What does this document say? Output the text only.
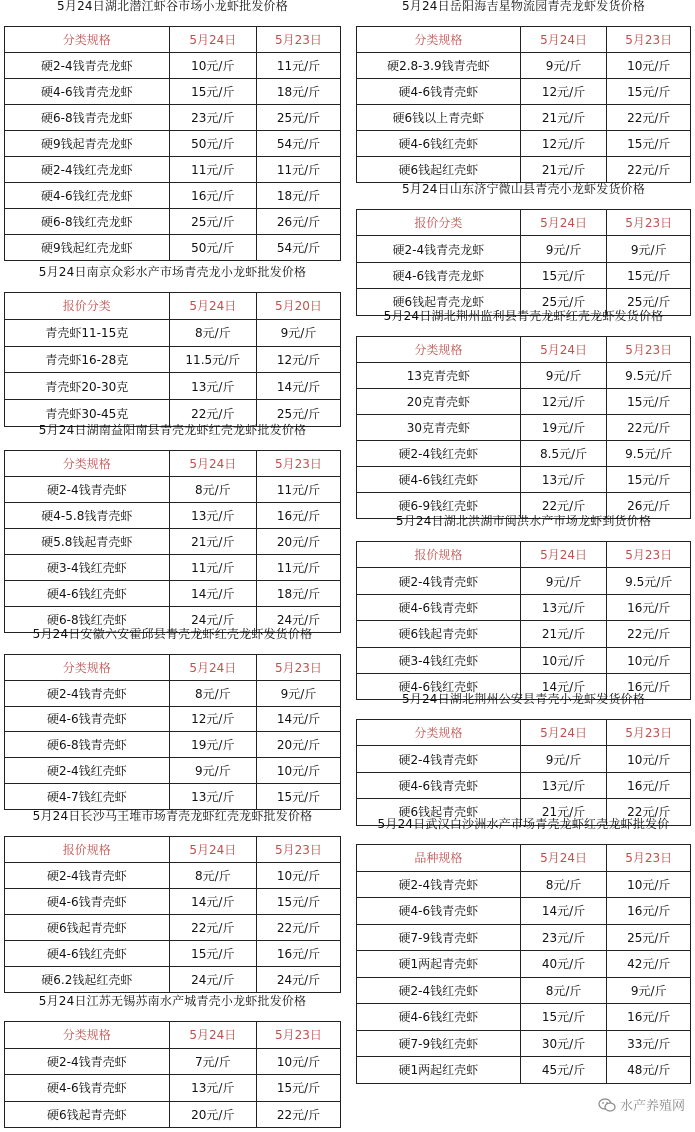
5月24日湖北潜江虾谷市场小龙虾批发价格
分类规格	5月24日	5月23日
硬2-4钱青壳龙虾	10元/斤	11元/斤
硬4-6钱青壳龙虾	15元/斤	18元/斤
硬6-8钱青壳龙虾	23元/斤	25元/斤
硬9钱起青壳龙虾	50元/斤	54元/斤
硬2-4钱红壳龙虾	11元/斤	11元/斤
硬4-6钱红壳龙虾	16元/斤	18元/斤
硬6-8钱红壳龙虾	25元/斤	26元/斤
硬9钱起红壳龙虾	50元/斤	54元/斤
5月24日南京众彩水产市场青壳龙小龙虾批发价格
报价分类	5月24日	5月20日
青壳虾11-15克	8元/斤	9元/斤
青壳虾16-28克	11.5元/斤	12元/斤
青壳虾20-30克	13元/斤	14元/斤
青壳虾30-45克	22元/斤	25元/斤
5月24日湖南益阳南县青壳龙虾红壳龙虾批发价格
分类规格	5月24日	5月23日
硬2-4钱青壳虾	8元/斤	11元/斤
硬4-5.8钱青壳虾	13元/斤	16元/斤
硬5.8钱起青壳虾	21元/斤	20元/斤
硬3-4钱红壳虾	11元/斤	11元/斤
硬4-6钱红壳虾	14元/斤	18元/斤
硬6-8钱红壳虾	24元/斤	24元/斤
5月24日安徽六安霍邱县青壳龙虾红壳龙虾发货价格
分类规格	5月24日	5月23日
硬2-4钱青壳虾	8元/斤	9元/斤
硬4-6钱青壳虾	12元/斤	14元/斤
硬6-8钱青壳虾	19元/斤	20元/斤
硬2-4钱红壳虾	9元/斤	10元/斤
硬4-7钱红壳虾	13元/斤	15元/斤
5月24日长沙马王堆市场青壳龙虾红壳龙虾批发价格
报价规格	5月24日	5月23日
硬2-4钱青壳虾	8元/斤	10元/斤
硬4-6钱青壳虾	14元/斤	15元/斤
硬6钱起青壳虾	22元/斤	22元/斤
硬4-6钱红壳虾	15元/斤	16元/斤
硬6.2钱起红壳虾	24元/斤	24元/斤
5月24日江苏无锡苏南水产城青壳小龙虾批发价格
分类规格	5月24日	5月23日
硬2-4钱青壳虾	7元/斤	10元/斤
硬4-6钱青壳虾	13元/斤	15元/斤
硬6钱起青壳虾	20元/斤	22元/斤
5月24日岳阳海吉星物流园青壳龙虾发货价格
分类规格	5月24日	5月23日
硬2.8-3.9钱青壳虾	9元/斤	10元/斤
硬4-6钱青壳虾	12元/斤	15元/斤
硬6钱以上青壳虾	21元/斤	22元/斤
硬4-6钱红壳虾	12元/斤	15元/斤
硬6钱起红壳虾	21元/斤	22元/斤
5月24日山东济宁微山县青壳小龙虾发货价格
报价分类	5月24日	5月23日
硬2-4钱青壳龙虾	9元/斤	9元/斤
硬4-6钱青壳龙虾	15元/斤	15元/斤
硬6钱起青壳龙虾	25元/斤	25元/斤
5月24日湖北荆州监利县青壳龙虾红壳龙虾发货价格
分类规格	5月24日	5月23日
13克青壳虾	9元/斤	9.5元/斤
20克青壳虾	12元/斤	15元/斤
30克青壳虾	19元/斤	22元/斤
硬2-4钱红壳虾	8.5元/斤	9.5元/斤
硬4-6钱红壳虾	13元/斤	15元/斤
硬6-9钱红壳虾	22元/斤	26元/斤
5月24日湖北洪湖市闽洪水产市场龙虾到货价格
报价规格	5月24日	5月23日
硬2-4钱青壳虾	9元/斤	9.5元/斤
硬4-6钱青壳虾	13元/斤	16元/斤
硬6钱起青壳虾	21元/斤	22元/斤
硬3-4钱红壳虾	10元/斤	10元/斤
硬4-6钱红壳虾	14元/斤	16元/斤
5月24日湖北荆州公安县青壳小龙虾发货价格
分类规格	5月24日	5月23日
硬2-4钱青壳虾	9元/斤	10元/斤
硬4-6钱青壳虾	13元/斤	16元/斤
硬6钱起青壳虾	21元/斤	22元/斤
5月24日武汉白沙洲水产市场青壳龙虾红壳龙虾批发价
品种规格	5月24日	5月23日
硬2-4钱青壳虾	8元/斤	10元/斤
硬4-6钱青壳虾	14元/斤	16元/斤
硬7-9钱青壳虾	23元/斤	25元/斤
硬1两起青壳虾	40元/斤	42元/斤
硬2-4钱红壳虾	8元/斤	9元/斤
硬4-6钱红壳虾	15元/斤	16元/斤
硬7-9钱红壳虾	30元/斤	33元/斤
硬1两起红壳虾	45元/斤	48元/斤
水产养殖网
